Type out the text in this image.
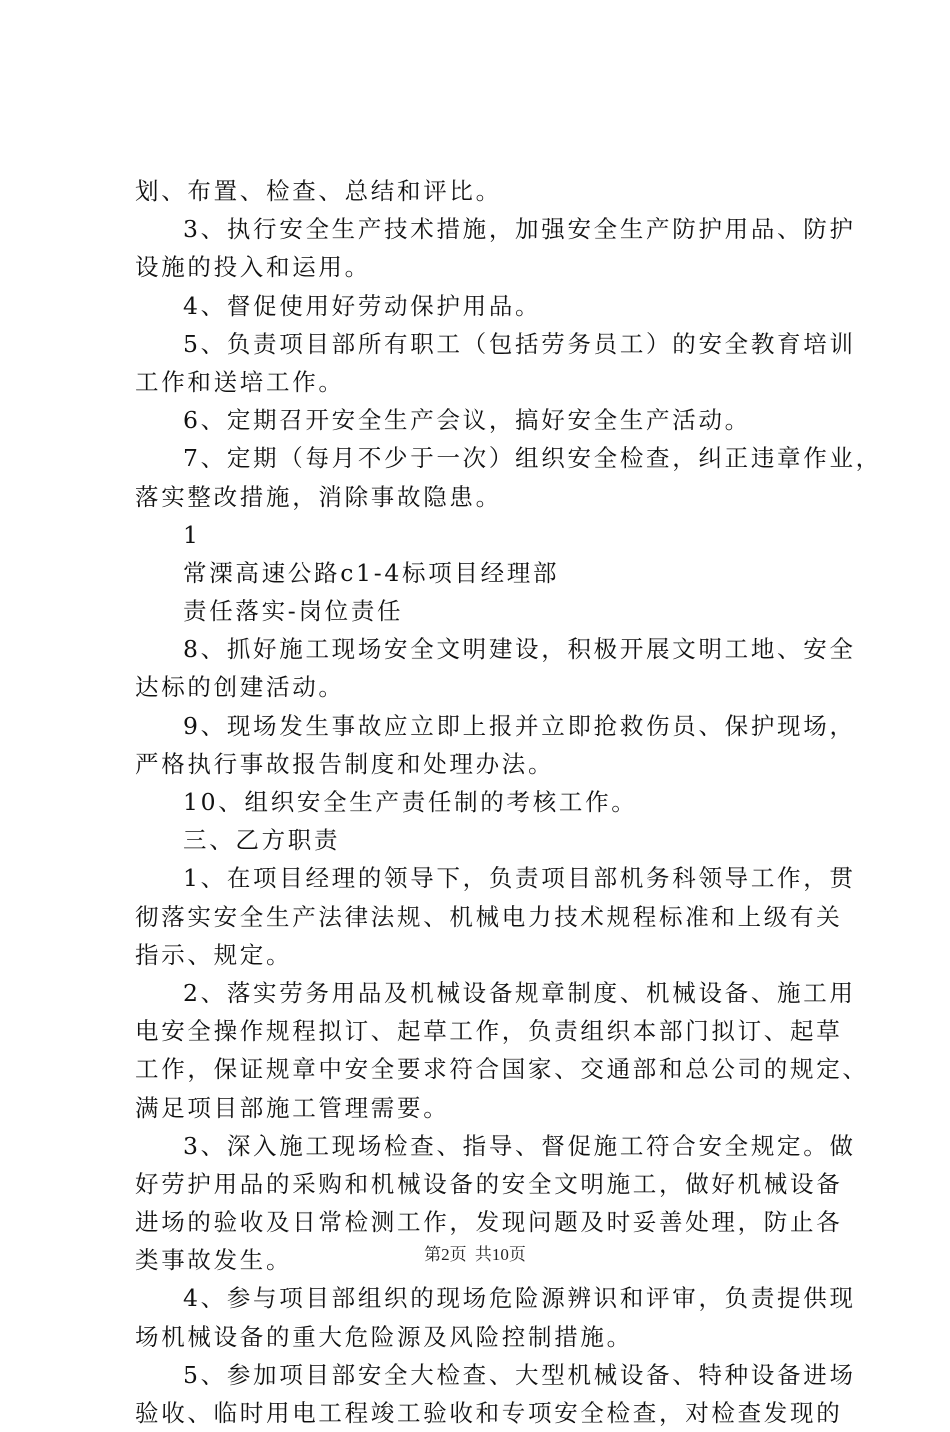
划、布置、检查、总结和评比。
3、执行安全生产技术措施，加强安全生产防护用品、防护
设施的投入和运用。
4、督促使用好劳动保护用品。
5、负责项目部所有职工（包括劳务员工）的安全教育培训
工作和送培工作。
6、定期召开安全生产会议，搞好安全生产活动。
7、定期（每月不少于一次）组织安全检查，纠正违章作业，
落实整改措施，消除事故隐患。
1
常溧高速公路c1-4标项目经理部
责任落实-岗位责任
8、抓好施工现场安全文明建设，积极开展文明工地、安全
达标的创建活动。
9、现场发生事故应立即上报并立即抢救伤员、保护现场，
严格执行事故报告制度和处理办法。
10、组织安全生产责任制的考核工作。
三、乙方职责
1、在项目经理的领导下，负责项目部机务科领导工作，贯
彻落实安全生产法律法规、机械电力技术规程标准和上级有关
指示、规定。
2、落实劳务用品及机械设备规章制度、机械设备、施工用
电安全操作规程拟订、起草工作，负责组织本部门拟订、起草
工作，保证规章中安全要求符合国家、交通部和总公司的规定、
满足项目部施工管理需要。
3、深入施工现场检查、指导、督促施工符合安全规定。做
好劳护用品的采购和机械设备的安全文明施工，做好机械设备
进场的验收及日常检测工作，发现问题及时妥善处理，防止各
类事故发生。
4、参与项目部组织的现场危险源辨识和评审，负责提供现
场机械设备的重大危险源及风险控制措施。
5、参加项目部安全大检查、大型机械设备、特种设备进场
验收、临时用电工程竣工验收和专项安全检查，对检查发现的
第2页 共10页
